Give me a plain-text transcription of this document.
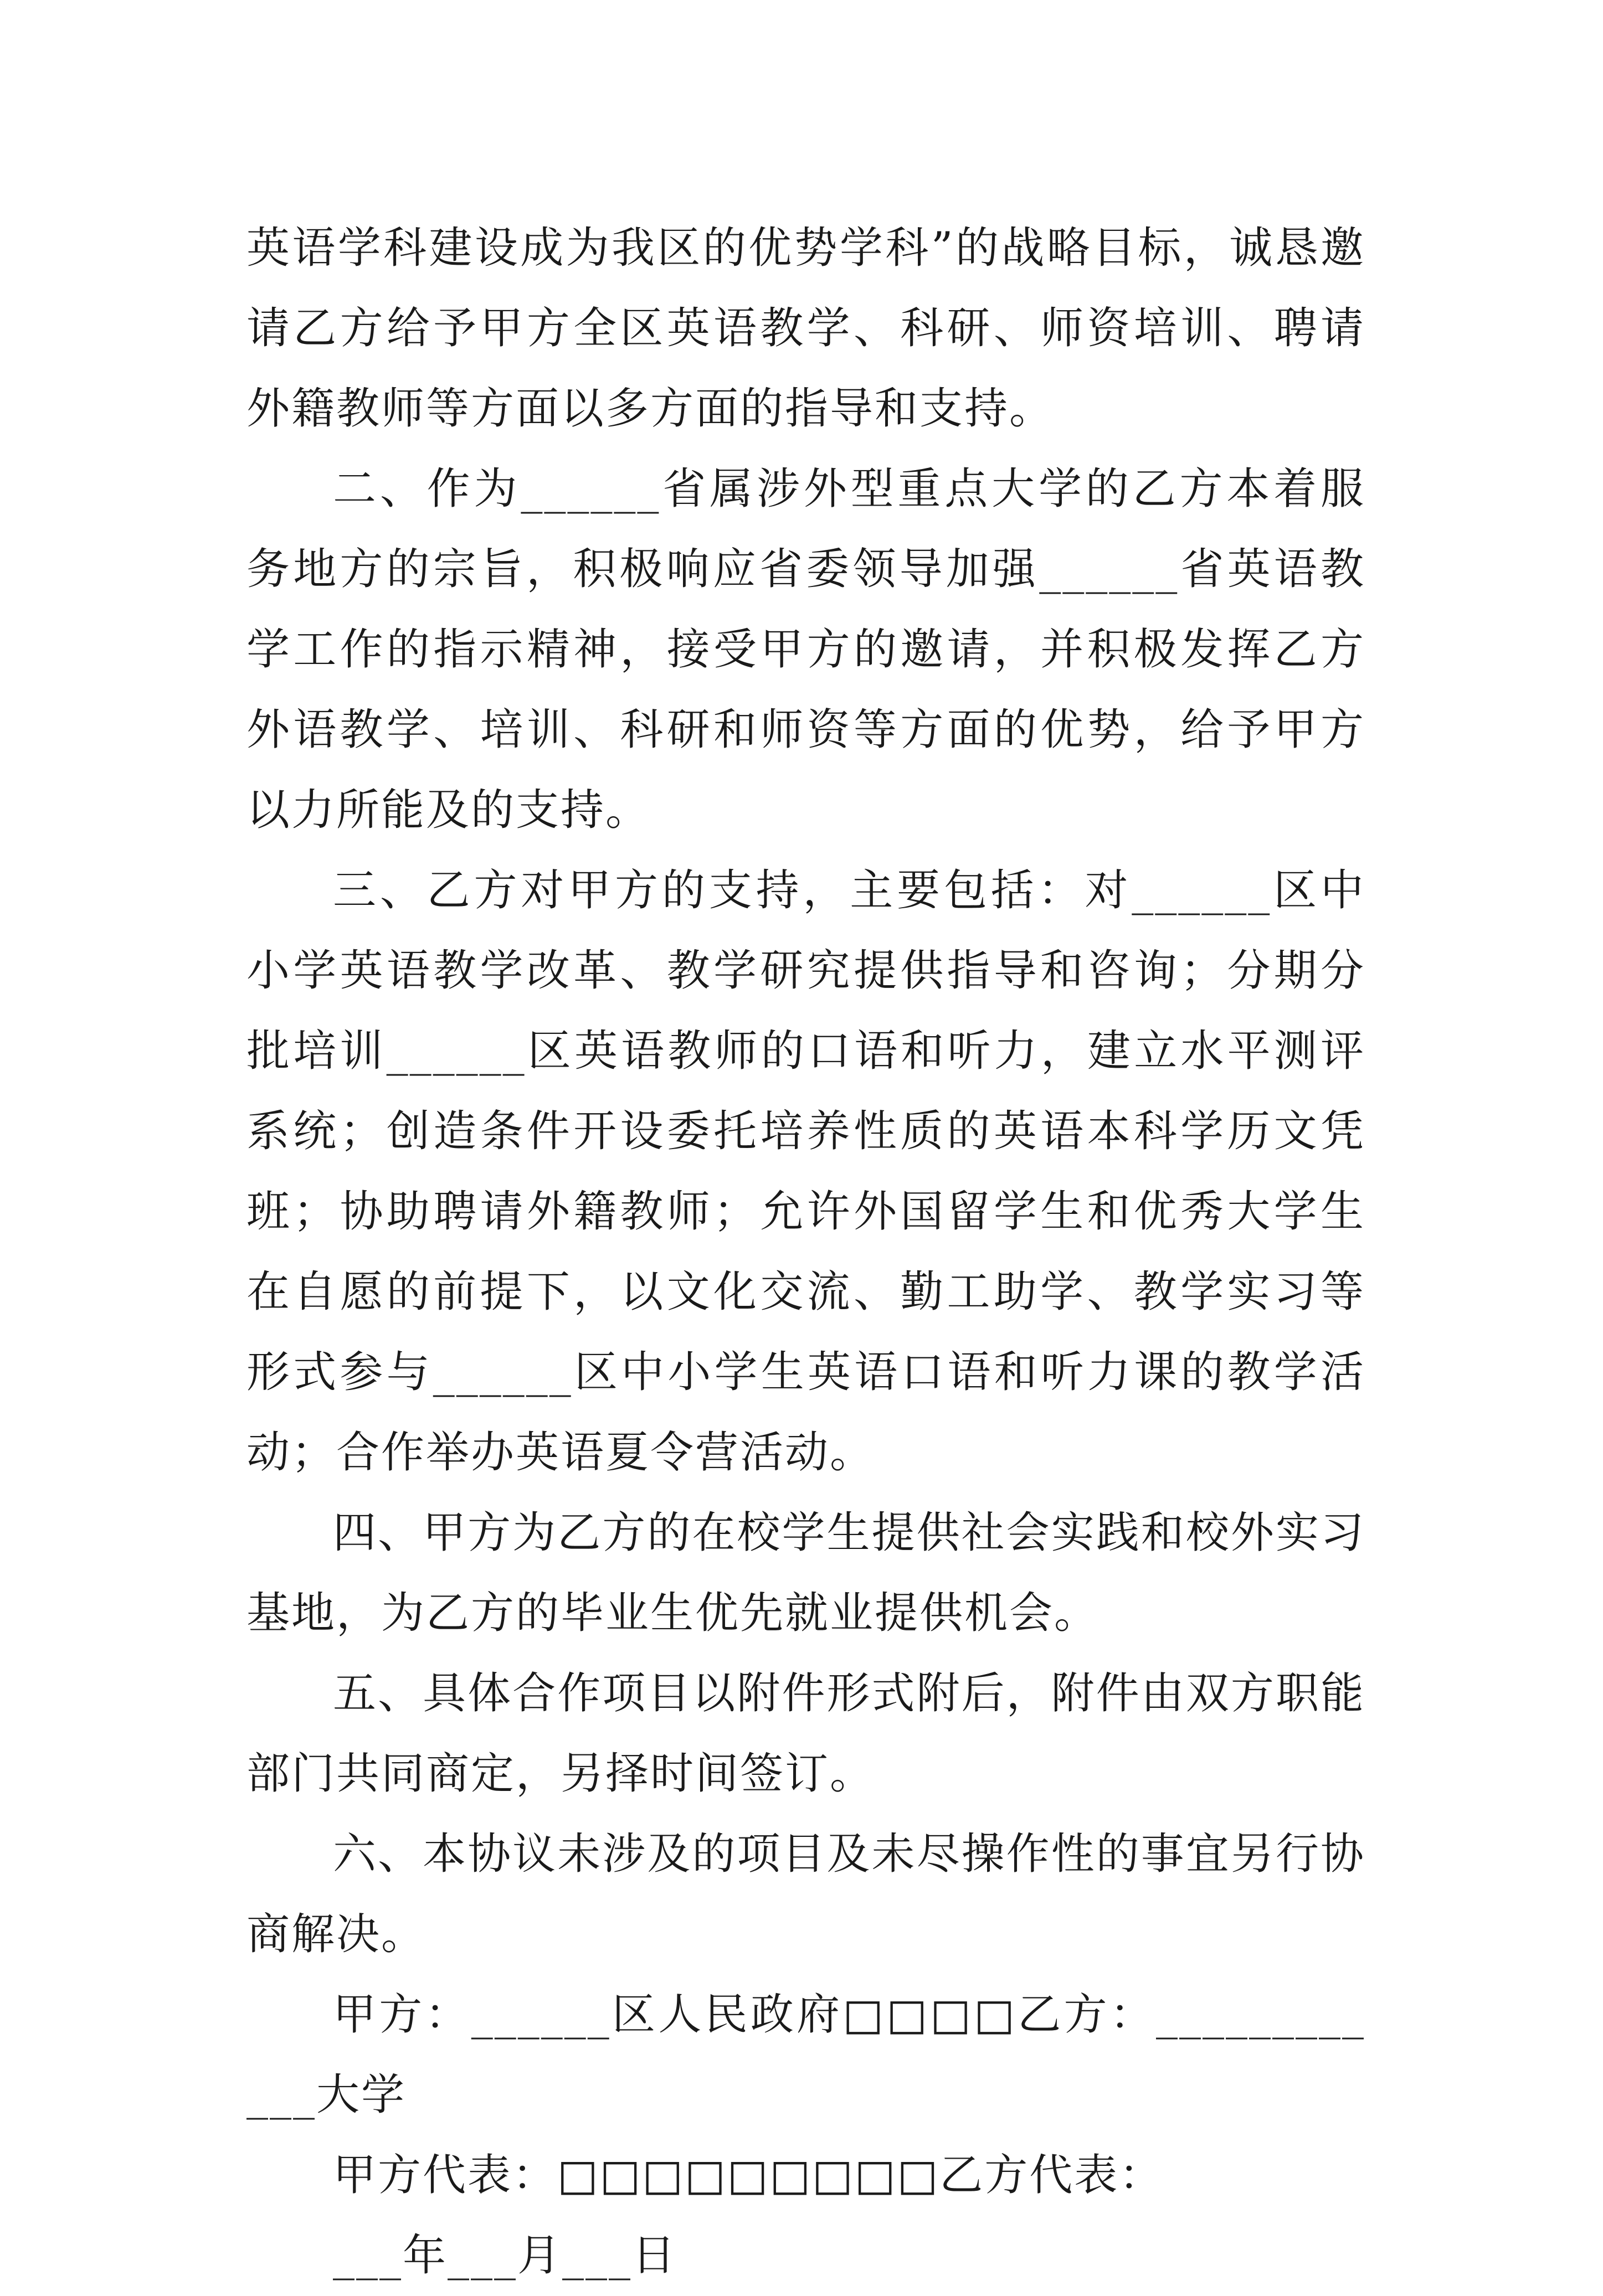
英语学科建设成为我区的优势学科”的战略目标，诚恳邀请乙方给予甲方全区英语教学、科研、师资培训、聘请外籍教师等方面以多方面的指导和支持。

二、作为______省属涉外型重点大学的乙方本着服务地方的宗旨，积极响应省委领导加强______省英语教学工作的指示精神，接受甲方的邀请，并积极发挥乙方外语教学、培训、科研和师资等方面的优势，给予甲方以力所能及的支持。

三、乙方对甲方的支持，主要包括：对______区中小学英语教学改革、教学研究提供指导和咨询；分期分批培训______区英语教师的口语和听力，建立水平测评系统；创造条件开设委托培养性质的英语本科学历文凭班；协助聘请外籍教师；允许外国留学生和优秀大学生在自愿的前提下，以文化交流、勤工助学、教学实习等形式参与______区中小学生英语口语和听力课的教学活动；合作举办英语夏令营活动。

四、甲方为乙方的在校学生提供社会实践和校外实习基地，为乙方的毕业生优先就业提供机会。

五、具体合作项目以附件形式附后，附件由双方职能部门共同商定，另择时间签订。

六、本协议未涉及的项目及未尽操作性的事宜另行协商解决。

甲方：______区人民政府□□□□乙方：____________大学

甲方代表：□□□□□□□□□乙方代表：

___年___月___日
